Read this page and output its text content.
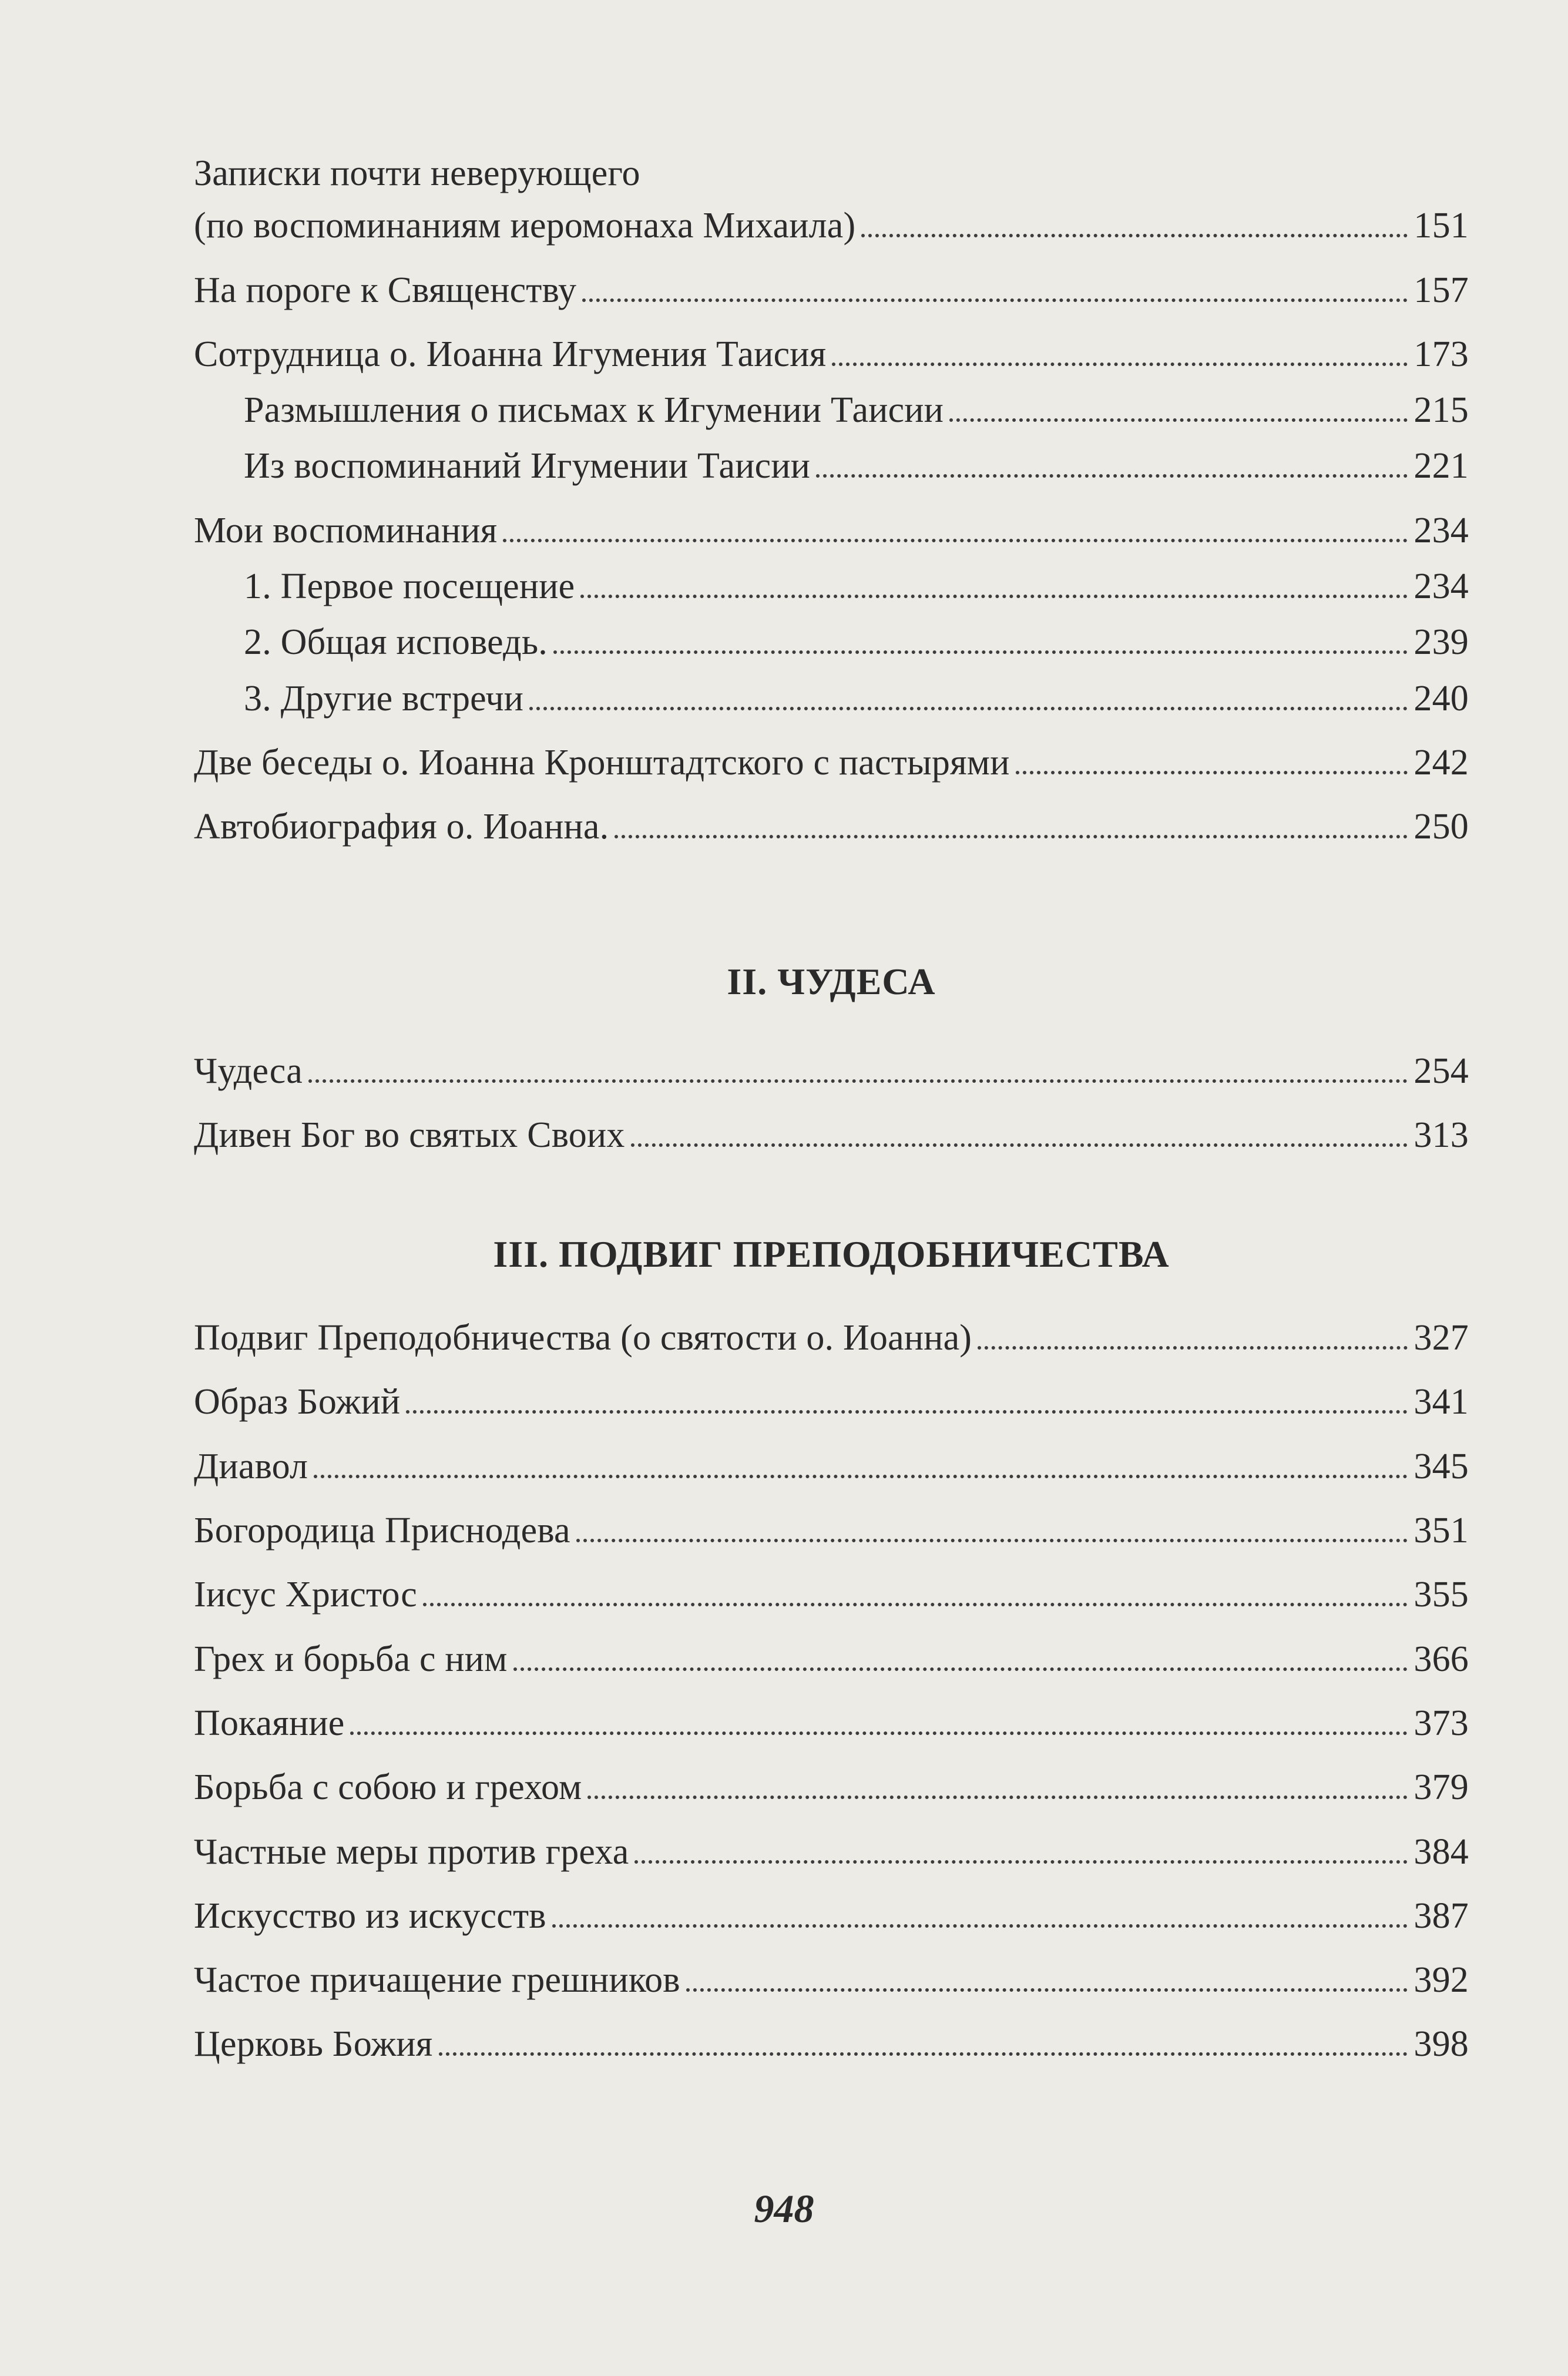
Записки почти неверующего
(по воспоминаниям иеромонаха Михаила)	151
На пороге к Священству	157
Сотрудница о. Иоанна Игумения Таисия	173
Размышления о письмах к Игумении Таисии	215
Из воспоминаний Игумении Таисии	221
Мои воспоминания	234
1. Первое посещение	234
2. Общая исповедь.	239
3. Другие встречи	240
Две беседы о. Иоанна Кронштадтского с пастырями	242
Автобиография о. Иоанна.	250
II. ЧУДЕСА
Чудеса	254
Дивен Бог во святых Своих	313
III. ПОДВИГ ПРЕПОДОБНИЧЕСТВА
Подвиг Преподобничества (о святости о. Иоанна)	327
Образ Божий	341
Диавол	345
Богородица Приснодева	351
Іисус Христос	355
Грех и борьба с ним	366
Покаяние	373
Борьба с собою и грехом	379
Частные меры против греха	384
Искусство из искусств	387
Частое причащение грешников	392
Церковь Божия	398
948
